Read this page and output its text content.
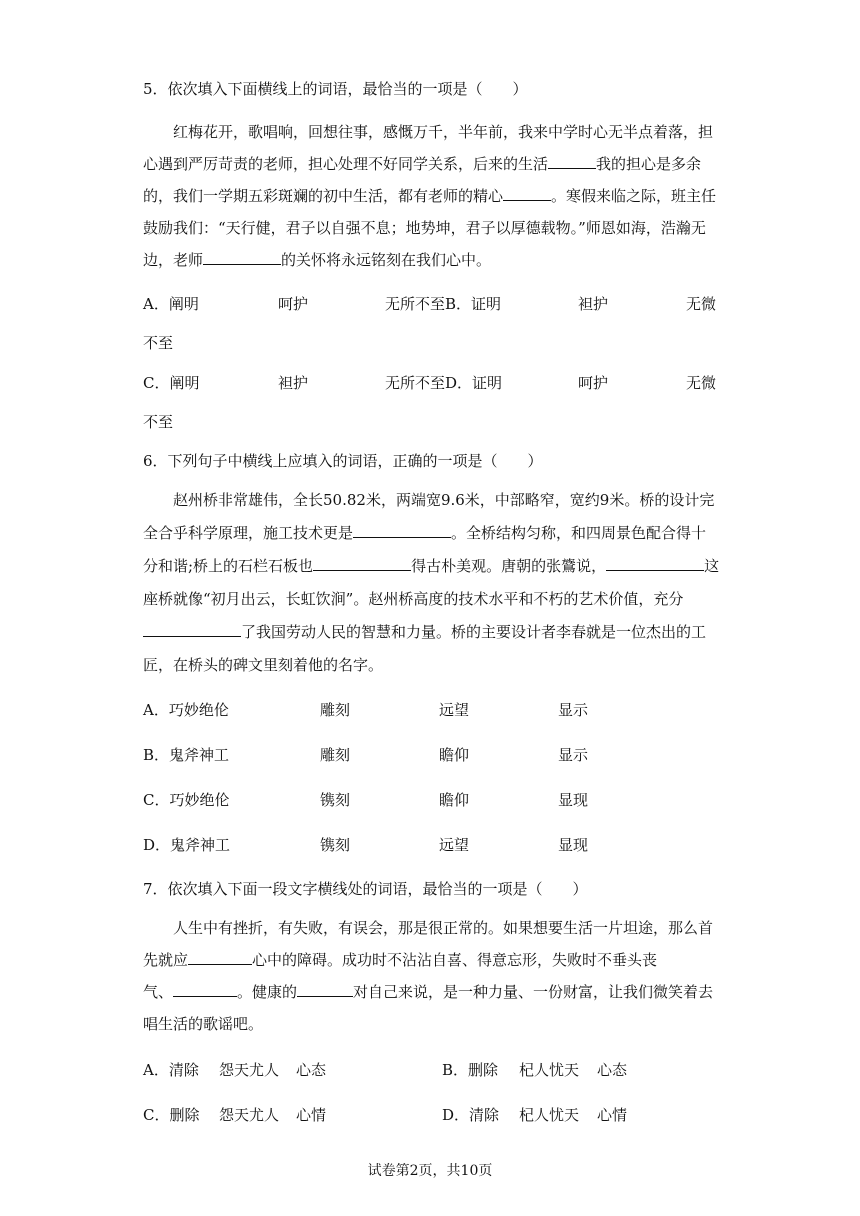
5．依次填入下面横线上的词语，最恰当的一项是（　　）
红梅花开，歌唱响，回想往事，感慨万千，半年前，我来中学时心无半点着落，担心遇到严厉苛责的老师，担心处理不好同学关系，后来的生活	我的担心是多余的，我们一学期五彩斑斓的初中生活，都有老师的精心	。寒假来临之际，班主任鼓励我们：“天行健，君子以自强不息；地势坤，君子以厚德载物。”师恩如海，浩瀚无边，老师	的关怀将永远铭刻在我们心中。
A．阐明	呵护	无所不至B．证明	袒护	无微
不至
C．阐明	袒护	无所不至D．证明	呵护	无微
不至
6．下列句子中横线上应填入的词语，正确的一项是（　　）
赵州桥非常雄伟，全长50.82米，两端宽9.6米，中部略窄，宽约9米。桥的设计完全合乎科学原理，施工技术更是	。全桥结构匀称，和四周景色配合得十分和谐;桥上的石栏石板也	得古朴美观。唐朝的张鷟说，	这座桥就像“初月出云，长虹饮涧”。赵州桥高度的技术水平和不朽的艺术价值，充分了我国劳动人民的智慧和力量。桥的主要设计者李春就是一位杰出的工匠，在桥头的碑文里刻着他的名字。
A．巧妙绝伦	雕刻	远望	显示
B．鬼斧神工	雕刻	瞻仰	显示
C．巧妙绝伦	镌刻	瞻仰	显现
D．鬼斧神工	镌刻	远望	显现
7．依次填入下面一段文字横线处的词语，最恰当的一项是（　　）
人生中有挫折，有失败，有误会，那是很正常的。如果想要生活一片坦途，那么首先就应	心中的障碍。成功时不沾沾自喜、得意忘形，失败时不垂头丧
气、	。健康的	对自己来说，是一种力量、一份财富，让我们微笑着去唱生活的歌谣吧。
A．清除 怨天尤人 心态	B．删除 杞人忧天 心态
C．删除 怨天尤人 心情	D．清除 杞人忧天 心情
试卷第2页，共10页
